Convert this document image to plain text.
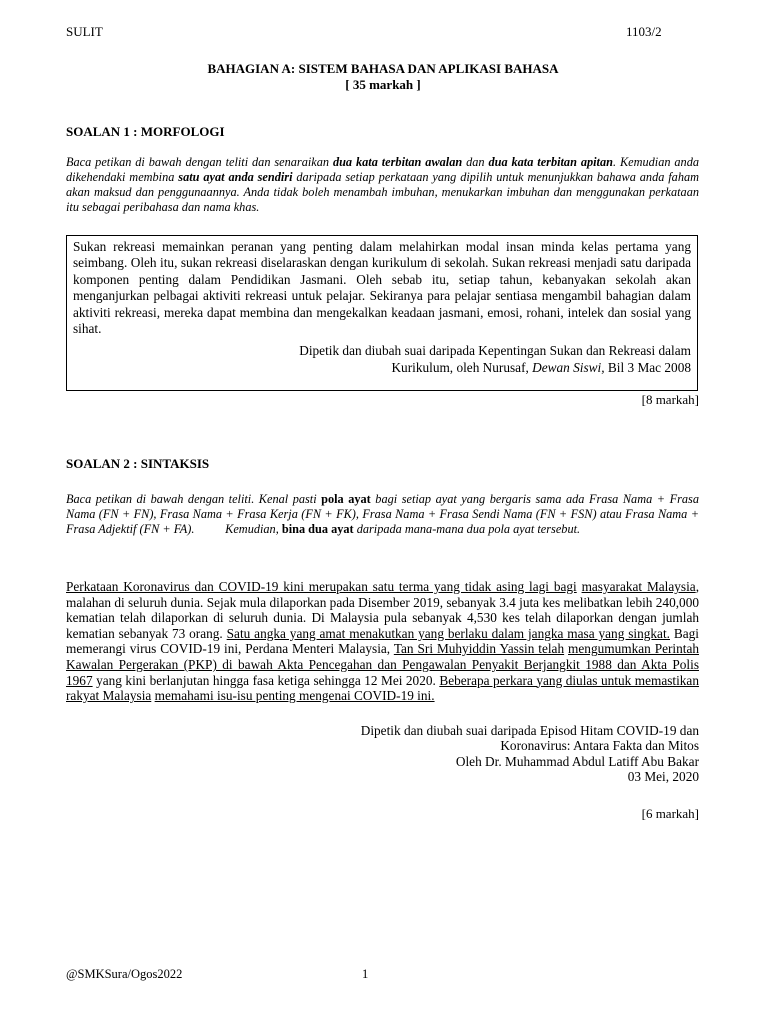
SULIT	1103/2
BAHAGIAN A: SISTEM BAHASA DAN APLIKASI BAHASA
[ 35 markah ]
SOALAN 1 : MORFOLOGI
Baca petikan di bawah dengan teliti dan senaraikan dua kata terbitan awalan dan dua kata terbitan apitan. Kemudian anda dikehendaki membina satu ayat anda sendiri daripada setiap perkataan yang dipilih untuk menunjukkan bahawa anda faham akan maksud dan penggunaannya. Anda tidak boleh menambah imbuhan, menukarkan imbuhan dan menggunakan perkataan itu sebagai peribahasa dan nama khas.

Sukan rekreasi memainkan peranan yang penting dalam melahirkan modal insan minda kelas pertama yang seimbang. Oleh itu, sukan rekreasi diselaraskan dengan kurikulum di sekolah. Sukan rekreasi menjadi satu daripada komponen penting dalam Pendidikan Jasmani. Oleh sebab itu, setiap tahun, kebanyakan sekolah akan menganjurkan pelbagai aktiviti rekreasi untuk pelajar. Sekiranya para pelajar sentiasa mengambil bahagian dalam aktiviti rekreasi, mereka dapat membina dan mengekalkan keadaan jasmani, emosi, rohani, intelek dan sosial yang sihat.

Dipetik dan diubah suai daripada Kepentingan Sukan dan Rekreasi dalam
Kurikulum, oleh Nurusaf, Dewan Siswi, Bil 3 Mac 2008
[8 markah]
SOALAN 2 : SINTAKSIS
Baca petikan di bawah dengan teliti. Kenal pasti pola ayat bagi setiap ayat yang bergaris sama ada Frasa Nama + Frasa Nama (FN + FN), Frasa Nama + Frasa Kerja (FN + FK), Frasa Nama + Frasa Sendi Nama (FN + FSN) atau Frasa Nama + Frasa Adjektif (FN + FA).          Kemudian, bina dua ayat daripada mana-mana dua pola ayat tersebut.

Perkataan Koronavirus dan COVID-19 kini merupakan satu terma yang tidak asing lagi bagi masyarakat Malaysia, malahan di seluruh dunia. Sejak mula dilaporkan pada Disember 2019, sebanyak 3.4 juta kes melibatkan lebih 240,000 kematian telah dilaporkan di seluruh dunia. Di Malaysia pula sebanyak 4,530 kes telah dilaporkan dengan jumlah kematian sebanyak 73 orang. Satu angka yang amat menakutkan yang berlaku dalam jangka masa yang singkat. Bagi   memerangi virus COVID-19 ini, Perdana Menteri Malaysia, Tan Sri Muhyiddin Yassin telah mengumumkan Perintah Kawalan Pergerakan (PKP) di bawah Akta Pencegahan dan Pengawalan Penyakit Berjangkit 1988 dan Akta Polis 1967 yang kini berlanjutan hingga fasa ketiga sehingga 12 Mei 2020. Beberapa perkara yang diulas untuk memastikan rakyat Malaysia memahami isu-isu penting mengenai COVID-19 ini.

Dipetik dan diubah suai daripada Episod Hitam COVID-19 dan
Koronavirus: Antara Fakta dan Mitos
Oleh Dr. Muhammad Abdul Latiff Abu Bakar
03 Mei, 2020
[6 markah]
@SMKSura/Ogos2022	1
